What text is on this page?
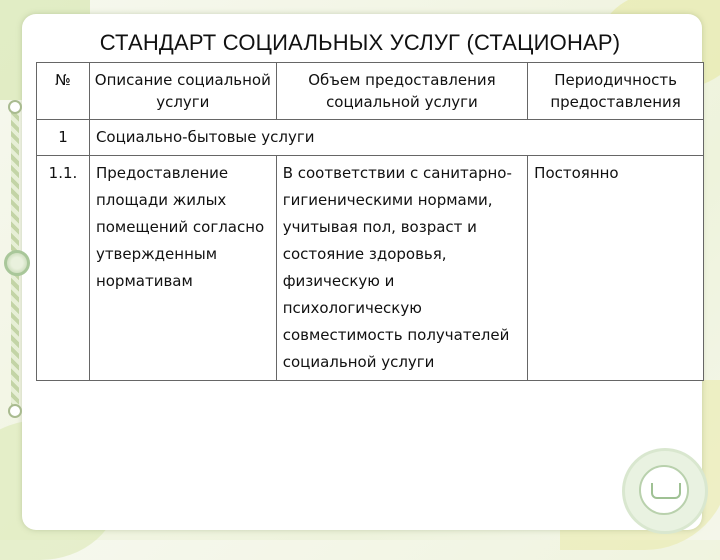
СТАНДАРТ СОЦИАЛЬНЫХ УСЛУГ (СТАЦИОНАР)
№	Описание социальной услуги	Объем предоставления социальной услуги	Периодичность предоставления
1	Социально-бытовые услуги		
1.1.	Предоставление площади жилых помещений согласно утвержденным нормативам	В соответствии с санитарно-гигиеническими нормами, учитывая пол, возраст и состояние здоровья, физическую и психологическую совместимость получателей социальной услуги	Постоянно
